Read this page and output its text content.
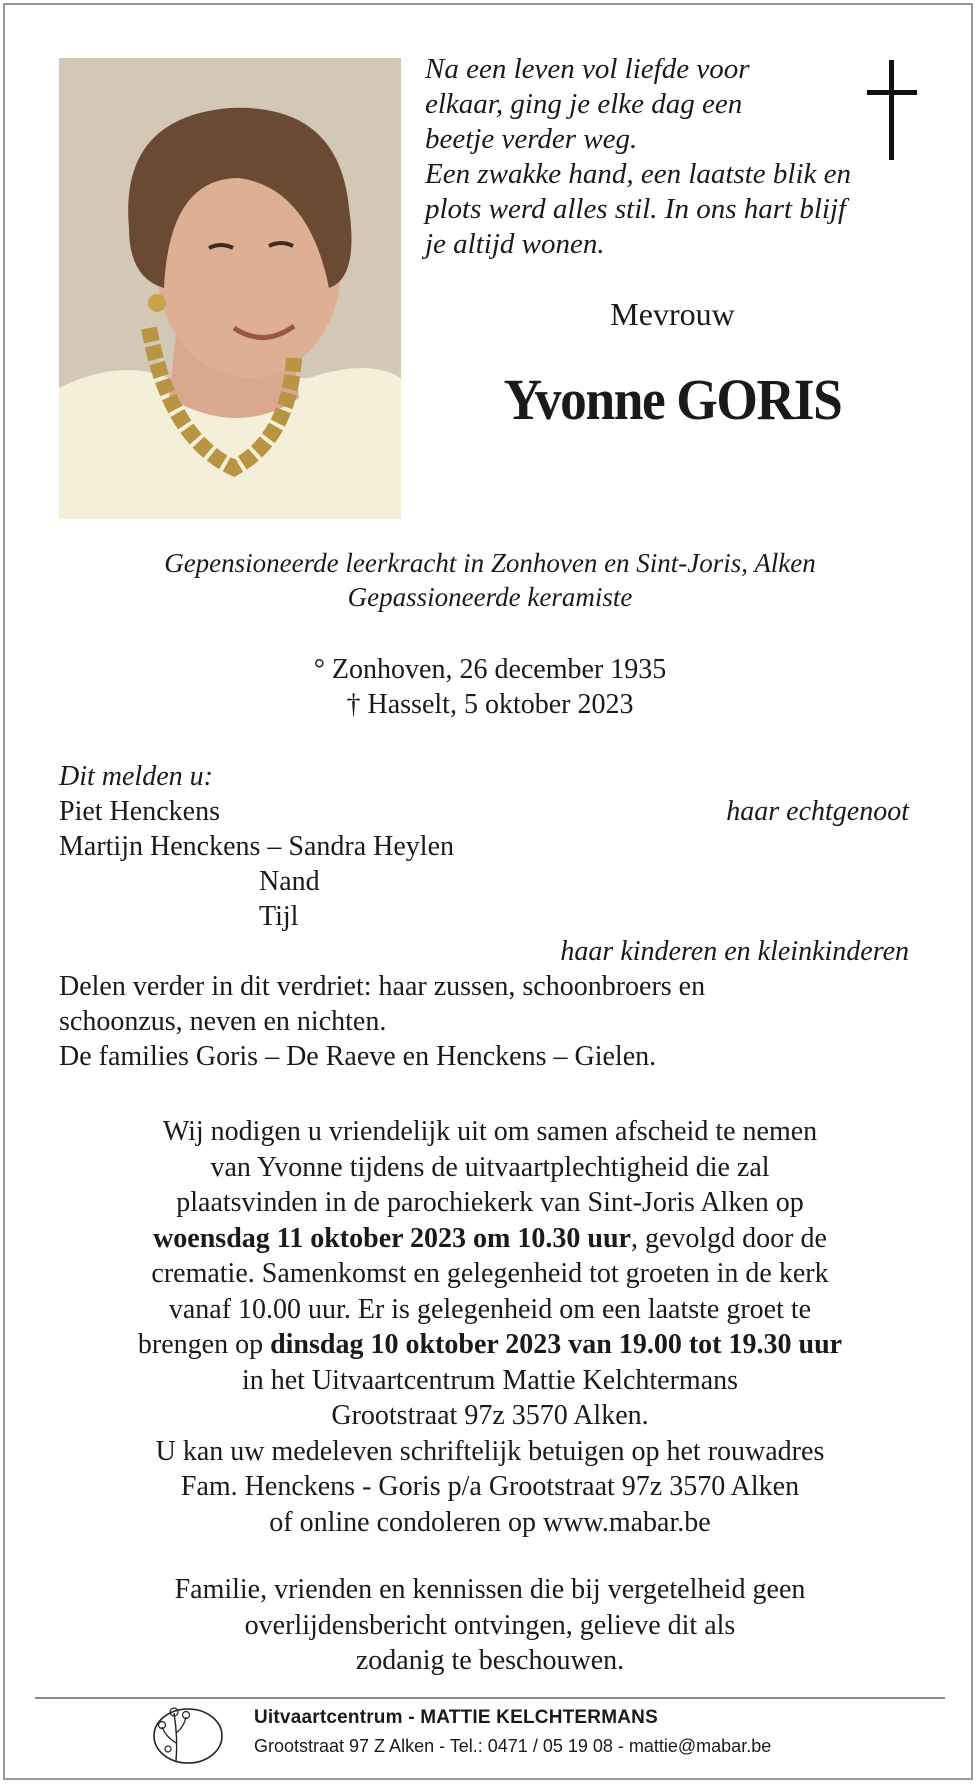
Na een leven vol liefde voor
elkaar, ging je elke dag een
beetje verder weg.
Een zwakke hand, een laatste blik en
plots werd alles stil. In ons hart blijf
je altijd wonen.
Mevrouw
Yvonne GORIS
Gepensioneerde leerkracht in Zonhoven en Sint-Joris, Alken
Gepassioneerde keramiste
° Zonhoven, 26 december 1935
† Hasselt, 5 oktober 2023
Dit melden u:
Piet Henckens	haar echtgenoot
Martijn Henckens – Sandra Heylen
Nand
Tijl
haar kinderen en kleinkinderen
Delen verder in dit verdriet: haar zussen, schoonbroers en
schoonzus, neven en nichten.
De families Goris – De Raeve en Henckens – Gielen.
Wij nodigen u vriendelijk uit om samen afscheid te nemen
van Yvonne tijdens de uitvaartplechtigheid die zal
plaatsvinden in de parochiekerk van Sint-Joris Alken op
woensdag 11 oktober 2023 om 10.30 uur, gevolgd door de
crematie. Samenkomst en gelegenheid tot groeten in de kerk
vanaf 10.00 uur. Er is gelegenheid om een laatste groet te
brengen op dinsdag 10 oktober 2023 van 19.00 tot 19.30 uur
in het Uitvaartcentrum Mattie Kelchtermans
Grootstraat 97z 3570 Alken.
U kan uw medeleven schriftelijk betuigen op het rouwadres
Fam. Henckens - Goris p/a Grootstraat 97z 3570 Alken
of online condoleren op www.mabar.be
Familie, vrienden en kennissen die bij vergetelheid geen
overlijdensbericht ontvingen, gelieve dit als
zodanig te beschouwen.
Uitvaartcentrum - MATTIE KELCHTERMANS
Grootstraat 97 Z Alken - Tel.: 0471 / 05 19 08 - mattie@mabar.be
